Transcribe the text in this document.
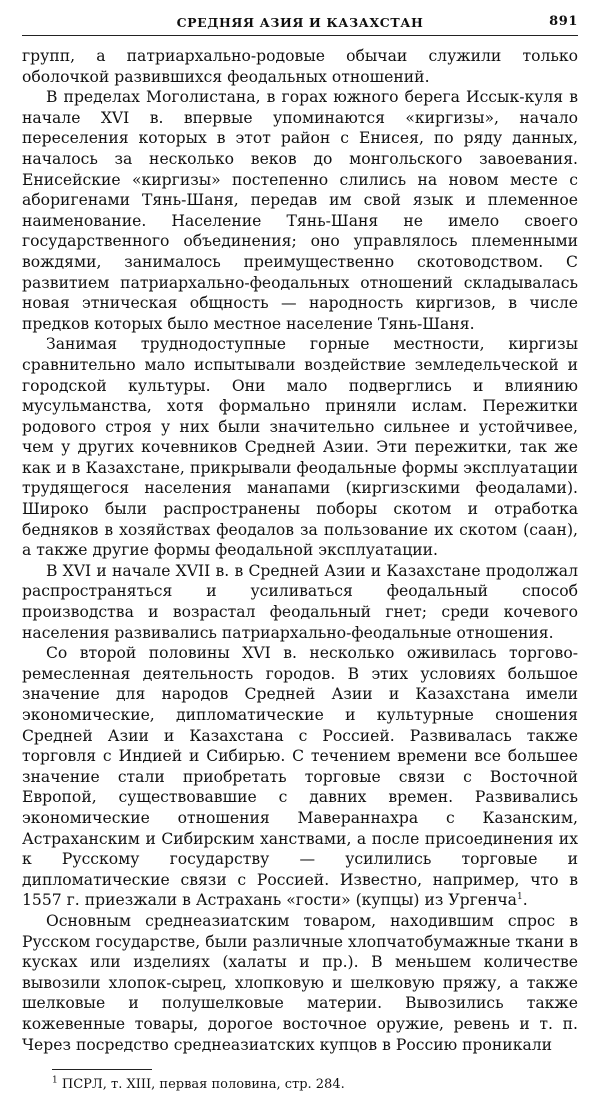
СРЕДНЯЯ АЗИЯ И КАЗАХСТАН	891

групп, а патриархально-родовые обычаи служили только оболочкой развившихся феодальных отношений.

В пределах Моголистана, в горах южного берега Иссык-куля в начале XVI в. впервые упоминаются «киргизы», начало переселения которых в этот район с Енисея, по ряду данных, началось за несколько веков до монгольского завоевания. Енисейские «киргизы» постепенно слились на новом месте с аборигенами Тянь-Шаня, передав им свой язык и племенное наименование. Население Тянь-Шаня не имело своего государственного объединения; оно управлялось племенными вождями, занималось преимущественно скотоводством. С развитием патриархально-феодальных отношений складывалась новая этническая общность — народность киргизов, в числе предков которых было местное население Тянь-Шаня.

Занимая труднодоступные горные местности, киргизы сравнительно мало испытывали воздействие земледельческой и городской культуры. Они мало подверглись и влиянию мусульманства, хотя формально приняли ислам. Пережитки родового строя у них были значительно сильнее и устойчивее, чем у других кочевников Средней Азии. Эти пережитки, так же как и в Казахстане, прикрывали феодальные формы эксплуатации трудящегося населения манапами (киргизскими феодалами). Широко были распространены поборы скотом и отработка бедняков в хозяйствах феодалов за пользование их скотом (саан), а также другие формы феодальной эксплуатации.

В XVI и начале XVII в. в Средней Азии и Казахстане продолжал распространяться и усиливаться феодальный способ производства и возрастал феодальный гнет; среди кочевого населения развивались патриархально-феодальные отношения.

Со второй половины XVI в. несколько оживилась торгово-ремесленная деятельность городов. В этих условиях большое значение для народов Средней Азии и Казахстана имели экономические, дипломатические и культурные сношения Средней Азии и Казахстана с Россией. Развивалась также торговля с Индией и Сибирью. С течением времени все большее значение стали приобретать торговые связи с Восточной Европой, существовавшие с давних времен. Развивались экономические отношения Мавераннахра с Казанским, Астраханским и Сибирским ханствами, а после присоединения их к Русскому государству — усилились торговые и дипломатические связи с Россией. Известно, например, что в 1557 г. приезжали в Астрахань «гости» (купцы) из Ургенча$^1$.

Основным среднеазиатским товаром, находившим спрос в Русском государстве, были различные хлопчатобумажные ткани в кусках или изделиях (халаты и пр.). В меньшем количестве вывозили хлопок-сырец, хлопковую и шелковую пряжу, а также шелковые и полушелковые материи. Вывозились также кожевенные товары, дорогое восточное оружие, ревень и т. п. Через посредство среднеазиатских купцов в Россию проникали

$^1$ ПСРЛ, т. XIII, первая половина, стр. 284.
